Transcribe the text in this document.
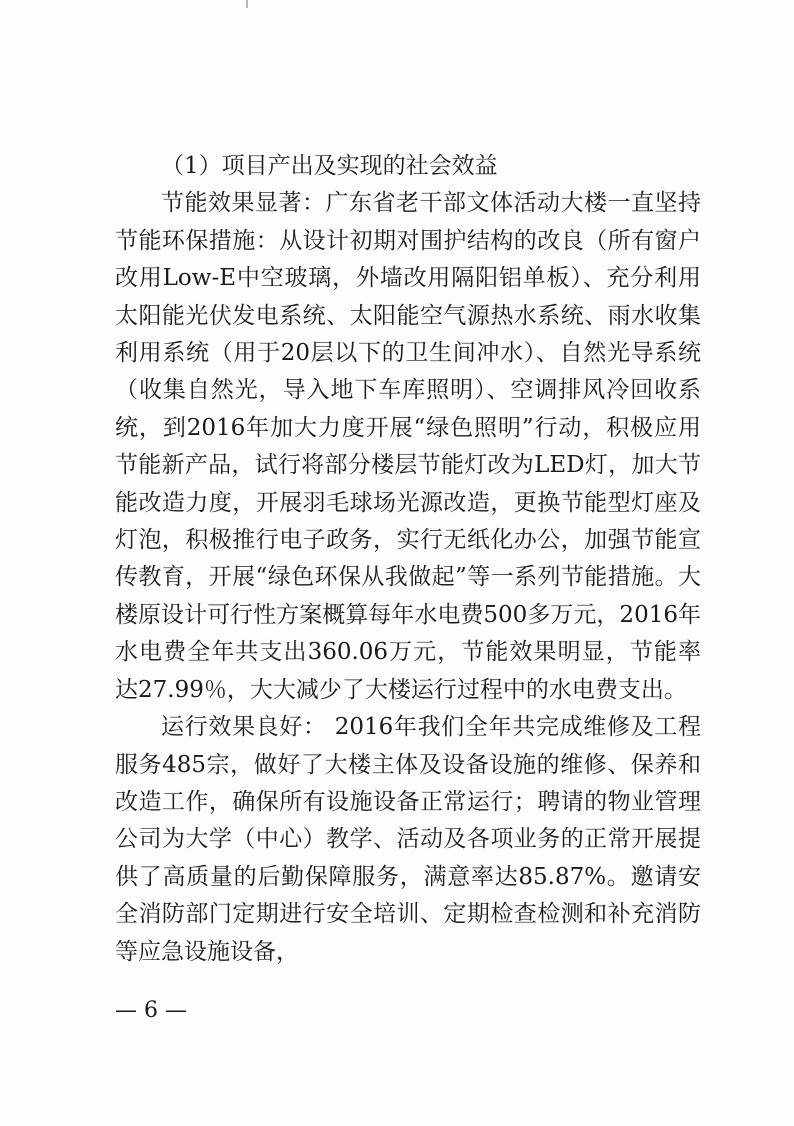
（1）项目产出及实现的社会效益

节能效果显著：广东省老干部文体活动大楼一直坚持节能环保措施：从设计初期对围护结构的改良（所有窗户改用Low-E中空玻璃，外墙改用隔阳铝单板）、充分利用太阳能光伏发电系统、太阳能空气源热水系统、雨水收集利用系统（用于20层以下的卫生间冲水）、自然光导系统（收集自然光，导入地下车库照明）、空调排风冷回收系统，到2016年加大力度开展“绿色照明”行动，积极应用节能新产品，试行将部分楼层节能灯改为LED灯，加大节能改造力度，开展羽毛球场光源改造，更换节能型灯座及灯泡，积极推行电子政务，实行无纸化办公，加强节能宣传教育，开展“绿色环保从我做起”等一系列节能措施。大楼原设计可行性方案概算每年水电费500多万元，2016年水电费全年共支出360.06万元，节能效果明显，节能率达27.99％，大大减少了大楼运行过程中的水电费支出。

运行效果良好： 2016年我们全年共完成维修及工程服务485宗，做好了大楼主体及设备设施的维修、保养和改造工作，确保所有设施设备正常运行；聘请的物业管理公司为大学（中心）教学、活动及各项业务的正常开展提供了高质量的后勤保障服务，满意率达85.87%。邀请安全消防部门定期进行安全培训、定期检查检测和补充消防等应急设施设备，

— 6 —
